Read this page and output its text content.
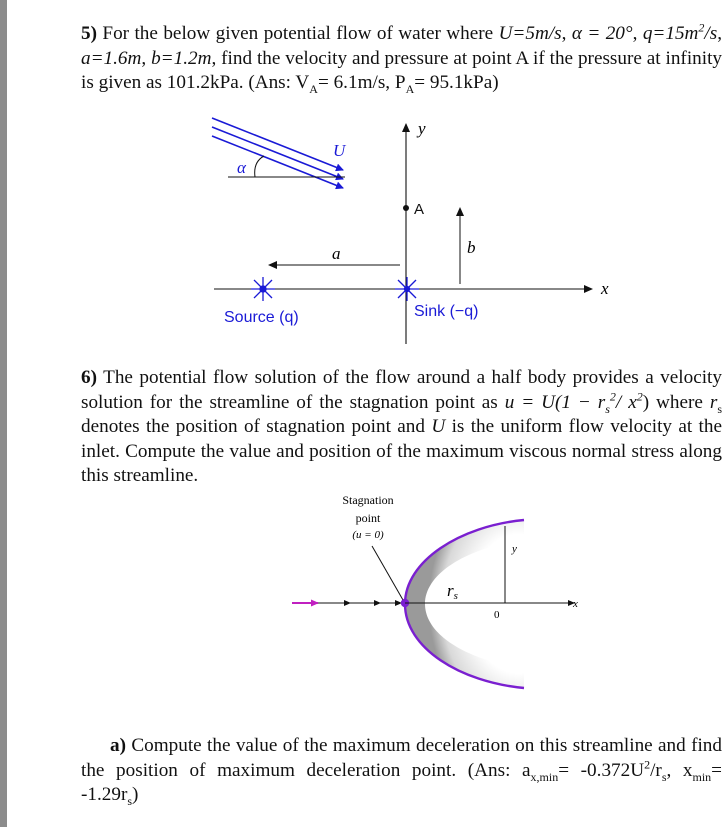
5) For the below given potential flow of water where U=5m/s, α = 20°, $q=15m^2/s$, a=1.6m, b=1.2m, find the velocity and pressure at point A if the pressure at infinity is given as 101.2kPa. (Ans: $V_A= 6.1m/s$, $P_A= 95.1kPa$)

α
U
y
x
A
a	b
Source (q)	Sink (−q)

6) The potential flow solution of the flow around a half body provides a velocity solution for the streamline of the stagnation point as $u = U(1 - r_s^2/$ $x^2$) where $r_s$ denotes the position of stagnation point and U is the uniform flow velocity at the inlet. Compute the value and position of the maximum viscous normal stress along this streamline.

Stagnation
point
(u = 0)
y
x
0
rs

a) Compute the value of the maximum deceleration on this streamline and find the position of maximum deceleration point. (Ans: $a_{x,min}= -0.372U^2/r_s$, $x_{min}= -1.29r_s$)
